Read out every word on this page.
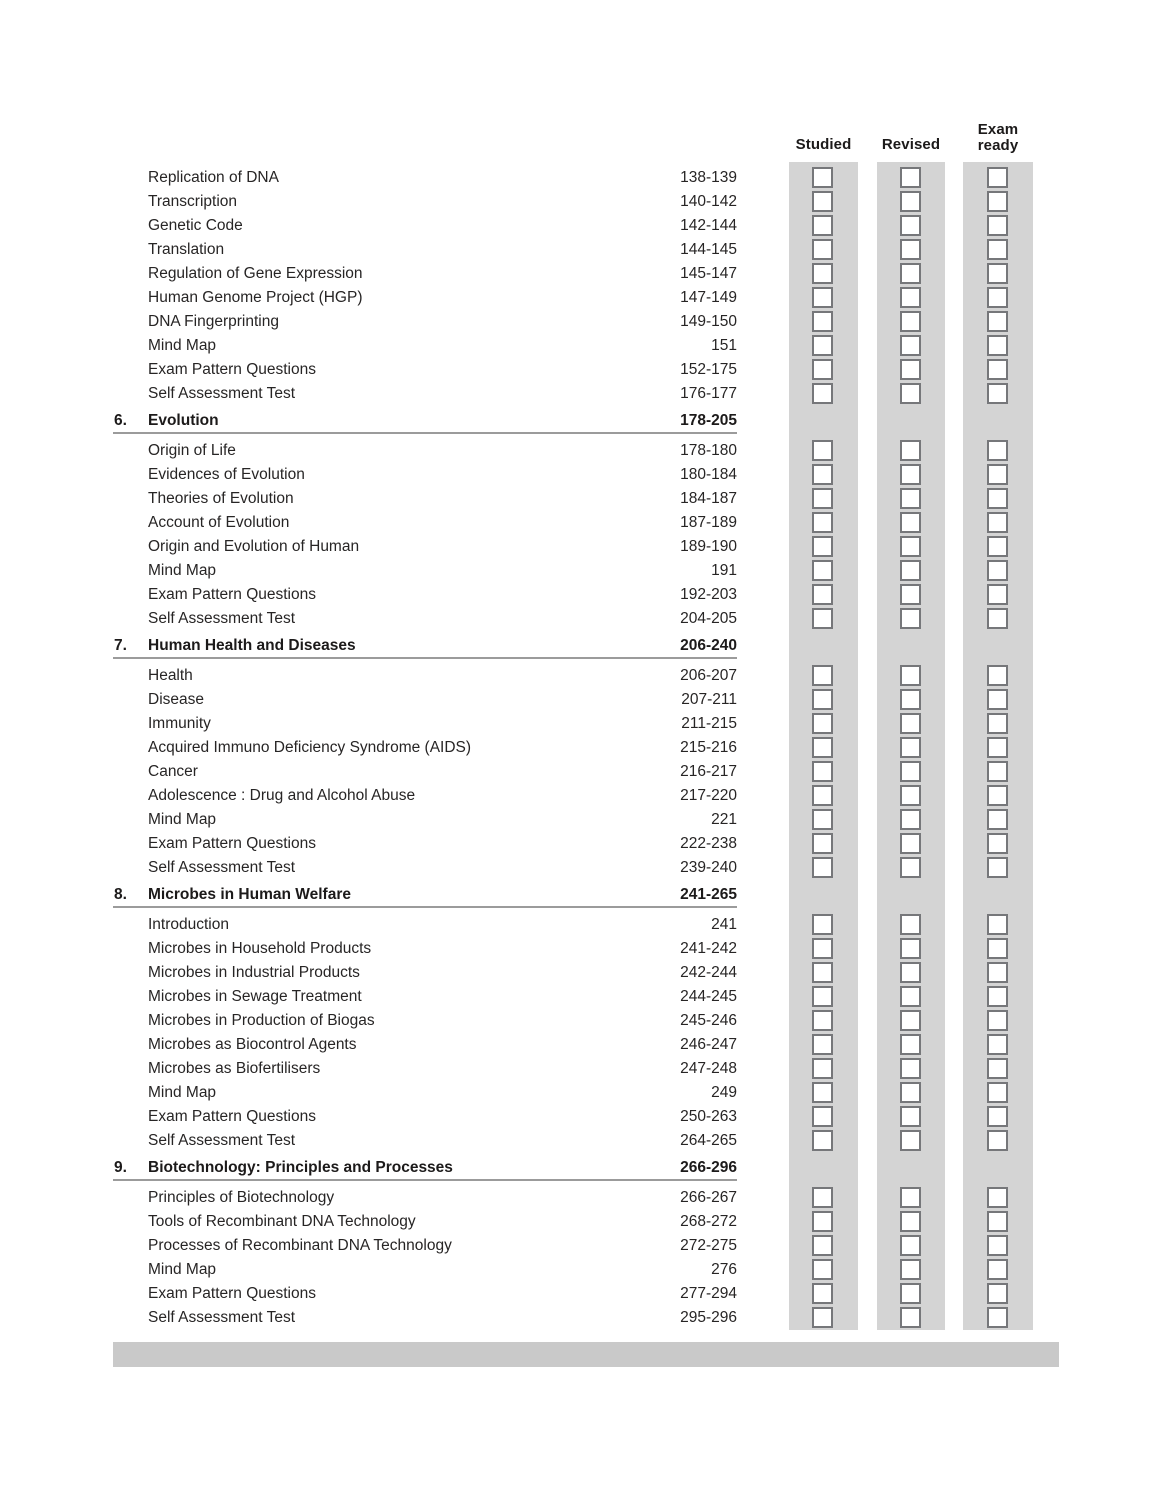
Studied	Revised
Exam
ready
Replication of DNA	138-139
Transcription	140-142
Genetic Code	142-144
Translation	144-145
Regulation of Gene Expression	145-147
Human Genome Project (HGP)	147-149
DNA Fingerprinting	149-150
Mind Map	151
Exam Pattern Questions	152-175
Self Assessment Test	176-177
6.	Evolution	178-205
Origin of Life	178-180
Evidences of Evolution	180-184
Theories of Evolution	184-187
Account of Evolution	187-189
Origin and Evolution of Human	189-190
Mind Map	191
Exam Pattern Questions	192-203
Self Assessment Test	204-205
7.	Human Health and Diseases	206-240
Health	206-207
Disease	207-211
Immunity	211-215
Acquired Immuno Deficiency Syndrome (AIDS)	215-216
Cancer	216-217
Adolescence : Drug and Alcohol Abuse	217-220
Mind Map	221
Exam Pattern Questions	222-238
Self Assessment Test	239-240
8.	Microbes in Human Welfare	241-265
Introduction	241
Microbes in Household Products	241-242
Microbes in Industrial Products	242-244
Microbes in Sewage Treatment	244-245
Microbes in Production of Biogas	245-246
Microbes as Biocontrol Agents	246-247
Microbes as Biofertilisers	247-248
Mind Map	249
Exam Pattern Questions	250-263
Self Assessment Test	264-265
9.	Biotechnology: Principles and Processes	266-296
Principles of Biotechnology	266-267
Tools of Recombinant DNA Technology	268-272
Processes of Recombinant DNA Technology	272-275
Mind Map	276
Exam Pattern Questions	277-294
Self Assessment Test	295-296
